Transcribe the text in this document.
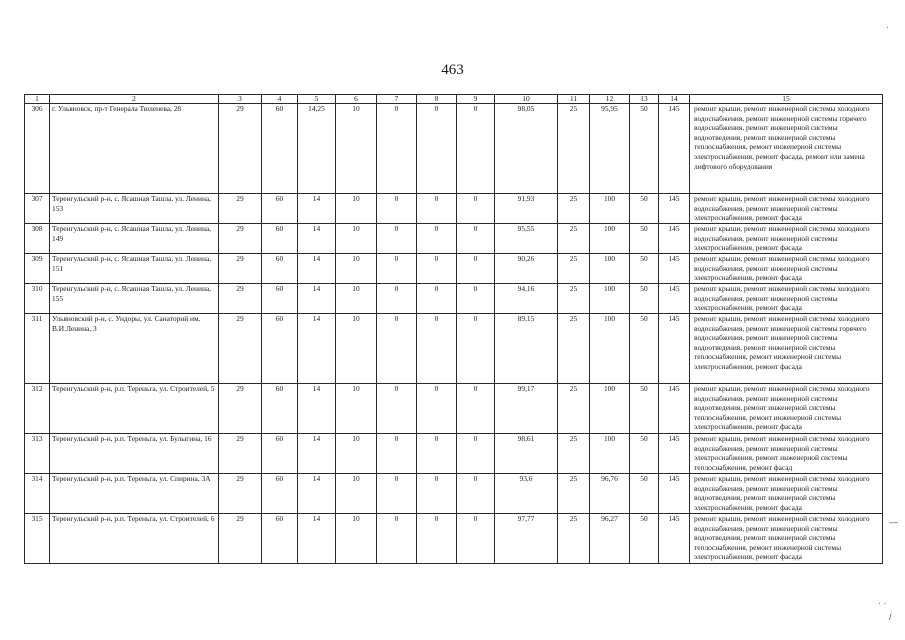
463
1	2	3	4	5	6	7	8	9	10	11	12	13	14	15
306	г. Ульяновск, пр-т Генерала Тюленева, 28	29	60	14,25	10	0	0	0	98,05	25	95,95	50	145	ремонт крыши, ремонт инженерной системы холодного водоснабжения, ремонт инженерной системы горячего водоснабжения, ремонт инженерной системы водоотведения, ремонт инженерной системы теплоснабжения, ремонт инженерной системы электроснабжения, ремонт фасада, ремонт или замена лифтового оборудования
307	Теренгульский р-н, с. Ясашная Ташла, ул. Ленина, 153	29	60	14	10	0	0	0	91,93	25	100	50	145	ремонт крыши, ремонт инженерной системы холодного водоснабжения, ремонт инженерной системы электроснабжения, ремонт фасада
308	Теренгульский р-н, с. Ясашная Ташла, ул. Ленина, 149	29	60	14	10	0	0	0	95,55	25	100	50	145	ремонт крыши, ремонт инженерной системы холодного водоснабжения, ремонт инженерной системы электроснабжения, ремонт фасада
309	Теренгульский р-н, с. Ясашная Ташла, ул. Ленина, 151	29	60	14	10	0	0	0	90,26	25	100	50	145	ремонт крыши, ремонт инженерной системы холодного водоснабжения, ремонт инженерной системы электроснабжения, ремонт фасада
310	Теренгульский р-н, с. Ясашная Ташла, ул. Ленина, 155	29	60	14	10	0	0	0	94,16	25	100	50	145	ремонт крыши, ремонт инженерной системы холодного водоснабжения, ремонт инженерной системы электроснабжения, ремонт фасада
311	Ульяновский р-н, с. Ундоры, ул. Санаторий им. В.И.Ленина, 3	29	60	14	10	0	0	0	89,15	25	100	50	145	ремонт крыши, ремонт инженерной системы холодного водоснабжения, ремонт инженерной системы горячего водоснабжения, ремонт инженерной системы водоотведения, ремонт инженерной системы теплоснабжения, ремонт инженерной системы электроснабжения, ремонт фасада
312	Теренгульский р-н, р.п. Тереньга, ул. Строителей, 5	29	60	14	10	0	0	0	99,17	25	100	50	145	ремонт крыши, ремонт инженерной системы холодного водоснабжения, ремонт инженерной системы водоотведения, ремонт инженерной системы теплоснабжения, ремонт инженерной системы электроснабжения, ремонт фасада
313	Теренгульский р-н, р.п. Тереньга, ул. Булыгина, 16	29	60	14	10	0	0	0	98,61	25	100	50	145	ремонт крыши, ремонт инженерной системы холодного водоснабжения, ремонт инженерной системы электроснабжения, ремонт инженерной системы теплоснабжения, ремонт фасад
314	Теренгульский р-н, р.п. Тереньга, ул. Спирина, 3А	29	60	14	10	0	0	0	93,6	25	96,76	50	145	ремонт крыши, ремонт инженерной системы холодного водоснабжения, ремонт инженерной системы водоотведения, ремонт инженерной системы электроснабжения, ремонт фасада
315	Теренгульский р-н, р.п. Тереньга, ул. Строителей, 6	29	60	14	10	0	0	0	97,77	25	96,27	50	145	ремонт крыши, ремонт инженерной системы холодного водоснабжения, ремонт инженерной системы водоотведения, ремонт инженерной системы теплоснабжения, ремонт инженерной системы электроснабжения, ремонт фасада
·
—
· ·
/
